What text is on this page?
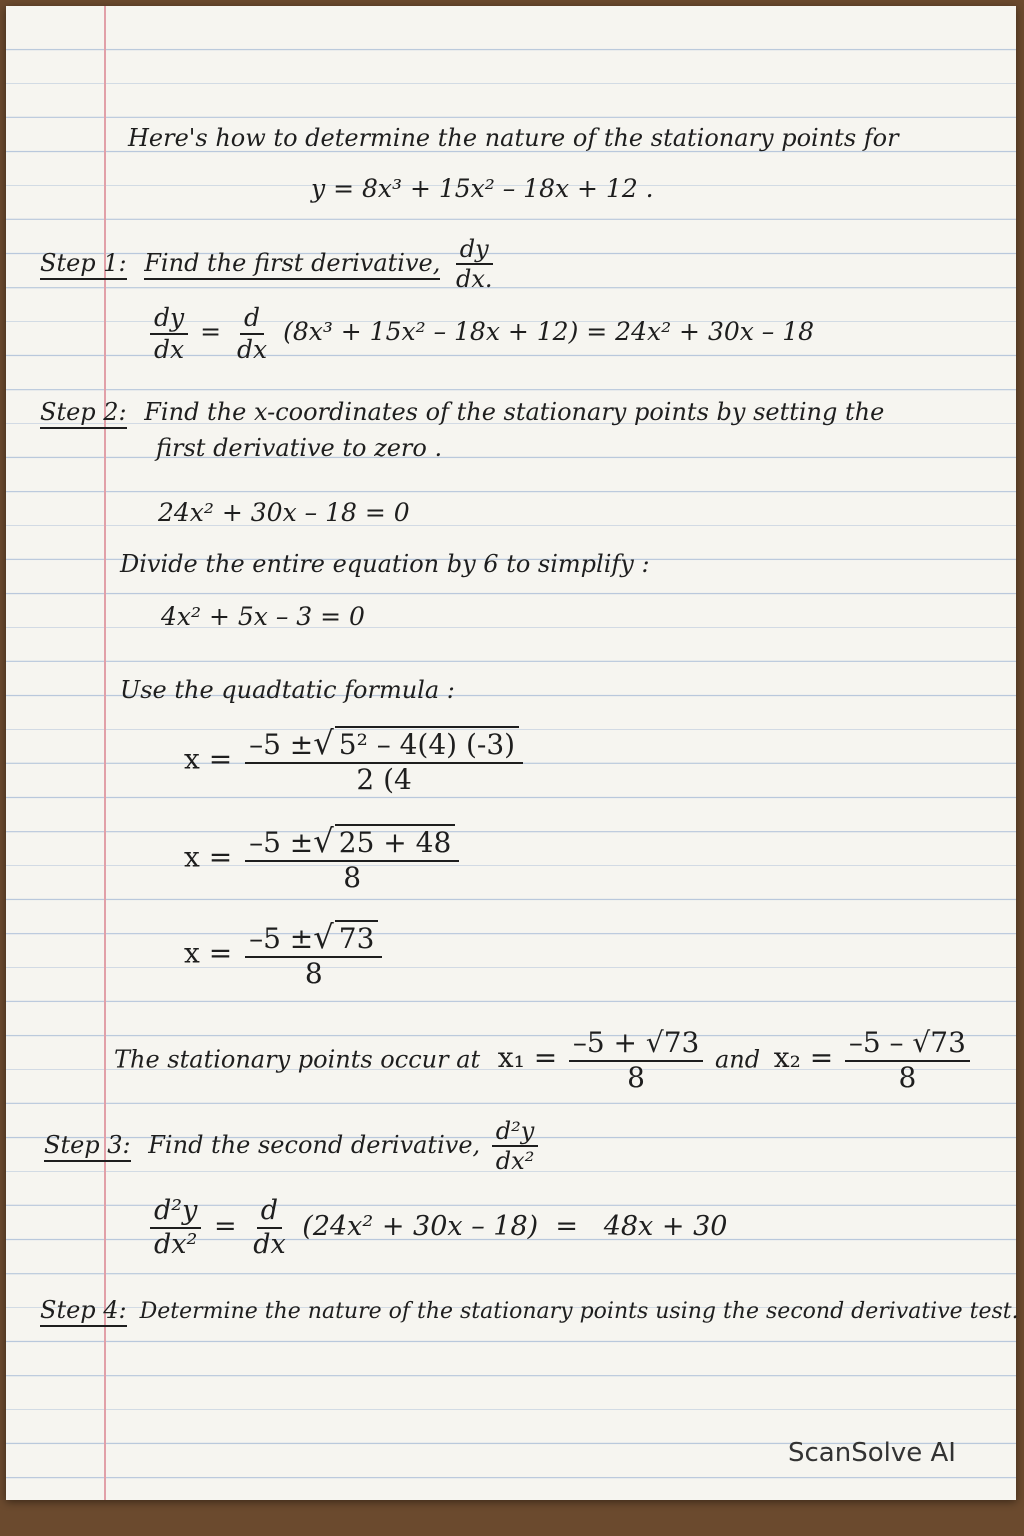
Here's how to determine the nature of the stationary points for
y = 8x³ + 15x² – 18x + 12 .
Step 1: Find the first derivative, $\frac{dy}{dx.}$
$\frac{dy}{dx} = \frac{d}{dx} (8x^3 + 15x^2 - 18x + 12) = 24x^2 + 30x - 18$
Step 2: Find the x-coordinates of the stationary points by setting the
first derivative to zero .
24x² + 30x – 18 = 0
Divide the entire equation by 6 to simplify :
4x² + 5x – 3 = 0
Use the quadtatic formula :
$x = \frac{\text{–5 ±√ 5² – 4(4) (-3)}}{2 (4}$
$x = \frac{-5 \pm√ 25 + 48}{8}$
$x = \frac{-5 \pm√ 73}{8}$
The stationary points occur at $x_1 = \frac{-5 + √73}{8}$ and $x_2 = \frac{-5 - √73}{8}$
Step 3: Find the second derivative, $\frac{\text{d²y}}{\text{dx²}}$
$\frac{\text{d²y}}{\text{dx²}} = \frac{d}{dx} (24x^2 + 30x - 18) = 48x + 30$
Step 4: Determine the nature of the stationary points using the second derivative test.
ScanSolve AI
